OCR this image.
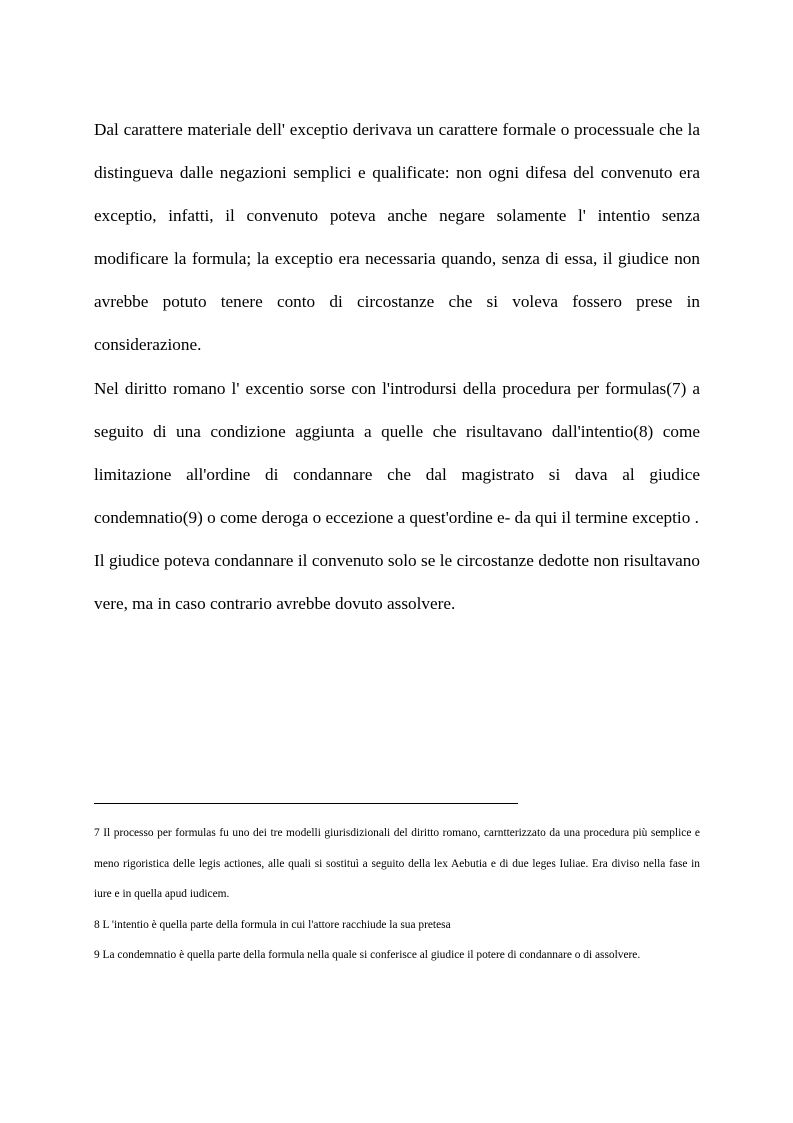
Dal carattere materiale dell' exceptio derivava un carattere formale o processuale che la distingueva dalle negazioni semplici e qualificate: non ogni difesa del convenuto era exceptio, infatti, il convenuto poteva anche negare solamente l' intentio senza modificare la formula; la exceptio era necessaria quando, senza di essa, il giudice non avrebbe potuto tenere conto di circostanze che si voleva fossero prese in considerazione.

Nel diritto romano l' excentio sorse con l'introdursi della procedura per formulas(7) a seguito di una condizione aggiunta a quelle che risultavano dall'intentio(8) come limitazione all'ordine di condannare che dal magistrato si dava al giudice condemnatio(9) o come deroga o eccezione a quest'ordine e- da qui il termine exceptio .

Il giudice poteva condannare il convenuto solo se le circostanze dedotte non risultavano vere, ma in caso contrario avrebbe dovuto assolvere.

7 Il processo per formulas fu uno dei tre modelli giurisdizionali del diritto romano, carntterizzato da una procedura più semplice e meno rigoristica delle legis actiones, alle quali si sostituì a seguito della lex Aebutia e di due leges Iuliae. Era diviso nella fase in iure e in quella apud iudicem.

8 L 'intentio è quella parte della formula in cui l'attore racchiude la sua pretesa

9 La condemnatio è quella parte della formula nella quale si conferisce al giudice il potere di condannare o di assolvere.
